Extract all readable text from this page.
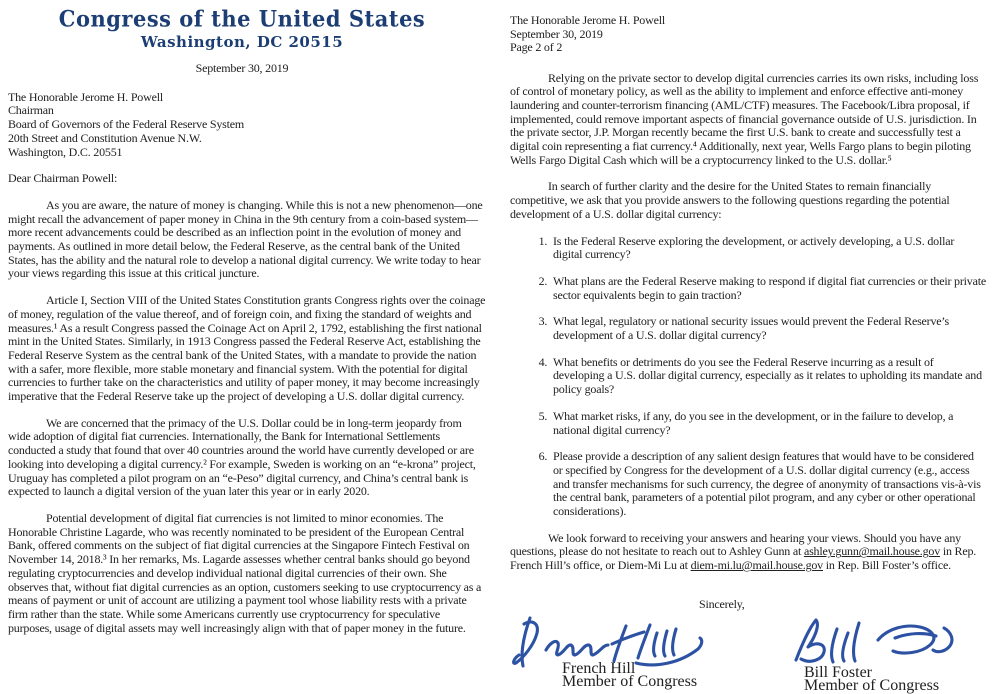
Congress of the United States
Washington, DC 20515
September 30, 2019
The Honorable Jerome H. Powell
Chairman
Board of Governors of the Federal Reserve System
20th Street and Constitution Avenue N.W.
Washington, D.C. 20551
Dear Chairman Powell:

As you are aware, the nature of money is changing. While this is not a new phenomenon—one might recall the advancement of paper money in China in the 9th century from a coin-based system—more recent advancements could be described as an inflection point in the evolution of money and payments. As outlined in more detail below, the Federal Reserve, as the central bank of the United States, has the ability and the natural role to develop a national digital currency. We write today to hear your views regarding this issue at this critical juncture.

Article I, Section VIII of the United States Constitution grants Congress rights over the coinage of money, regulation of the value thereof, and of foreign coin, and fixing the standard of weights and measures.¹ As a result Congress passed the Coinage Act on April 2, 1792, establishing the first national mint in the United States. Similarly, in 1913 Congress passed the Federal Reserve Act, establishing the Federal Reserve System as the central bank of the United States, with a mandate to provide the nation with a safer, more flexible, more stable monetary and financial system. With the potential for digital currencies to further take on the characteristics and utility of paper money, it may become increasingly imperative that the Federal Reserve take up the project of developing a U.S. dollar digital currency.

We are concerned that the primacy of the U.S. Dollar could be in long-term jeopardy from wide adoption of digital fiat currencies. Internationally, the Bank for International Settlements conducted a study that found that over 40 countries around the world have currently developed or are looking into developing a digital currency.² For example, Sweden is working on an “e-krona” project, Uruguay has completed a pilot program on an “e-Peso” digital currency, and China’s central bank is expected to launch a digital version of the yuan later this year or in early 2020.

Potential development of digital fiat currencies is not limited to minor economies. The Honorable Christine Lagarde, who was recently nominated to be president of the European Central Bank, offered comments on the subject of fiat digital currencies at the Singapore Fintech Festival on November 14, 2018.³ In her remarks, Ms. Lagarde assesses whether central banks should go beyond regulating cryptocurrencies and develop individual national digital currencies of their own. She observes that, without fiat digital currencies as an option, customers seeking to use cryptocurrency as a means of payment or unit of account are utilizing a payment tool whose liability rests with a private firm rather than the state. While some Americans currently use cryptocurrency for speculative purposes, usage of digital assets may well increasingly align with that of paper money in the future.

The Honorable Jerome H. Powell
September 30, 2019
Page 2 of 2

Relying on the private sector to develop digital currencies carries its own risks, including loss of control of monetary policy, as well as the ability to implement and enforce effective anti-money laundering and counter-terrorism financing (AML/CTF) measures. The Facebook/Libra proposal, if implemented, could remove important aspects of financial governance outside of U.S. jurisdiction. In the private sector, J.P. Morgan recently became the first U.S. bank to create and successfully test a digital coin representing a fiat currency.⁴ Additionally, next year, Wells Fargo plans to begin piloting Wells Fargo Digital Cash which will be a cryptocurrency linked to the U.S. dollar.⁵

In search of further clarity and the desire for the United States to remain financially competitive, we ask that you provide answers to the following questions regarding the potential development of a U.S. dollar digital currency:

1. Is the Federal Reserve exploring the development, or actively developing, a U.S. dollar digital currency?
2. What plans are the Federal Reserve making to respond if digital fiat currencies or their private sector equivalents begin to gain traction?
3. What legal, regulatory or national security issues would prevent the Federal Reserve’s development of a U.S. dollar digital currency?
4. What benefits or detriments do you see the Federal Reserve incurring as a result of developing a U.S. dollar digital currency, especially as it relates to upholding its mandate and policy goals?
5. What market risks, if any, do you see in the development, or in the failure to develop, a national digital currency?
6. Please provide a description of any salient design features that would have to be considered or specified by Congress for the development of a U.S. dollar digital currency (e.g., access and transfer mechanisms for such currency, the degree of anonymity of transactions vis-à-vis the central bank, parameters of a potential pilot program, and any cyber or other operational considerations).

We look forward to receiving your answers and hearing your views. Should you have any questions, please do not hesitate to reach out to Ashley Gunn at ashley.gunn@mail.house.gov in Rep. French Hill’s office, or Diem-Mi Lu at diem-mi.lu@mail.house.gov in Rep. Bill Foster’s office.

Sincerely,
French Hill
Member of Congress
Bill Foster
Member of Congress
